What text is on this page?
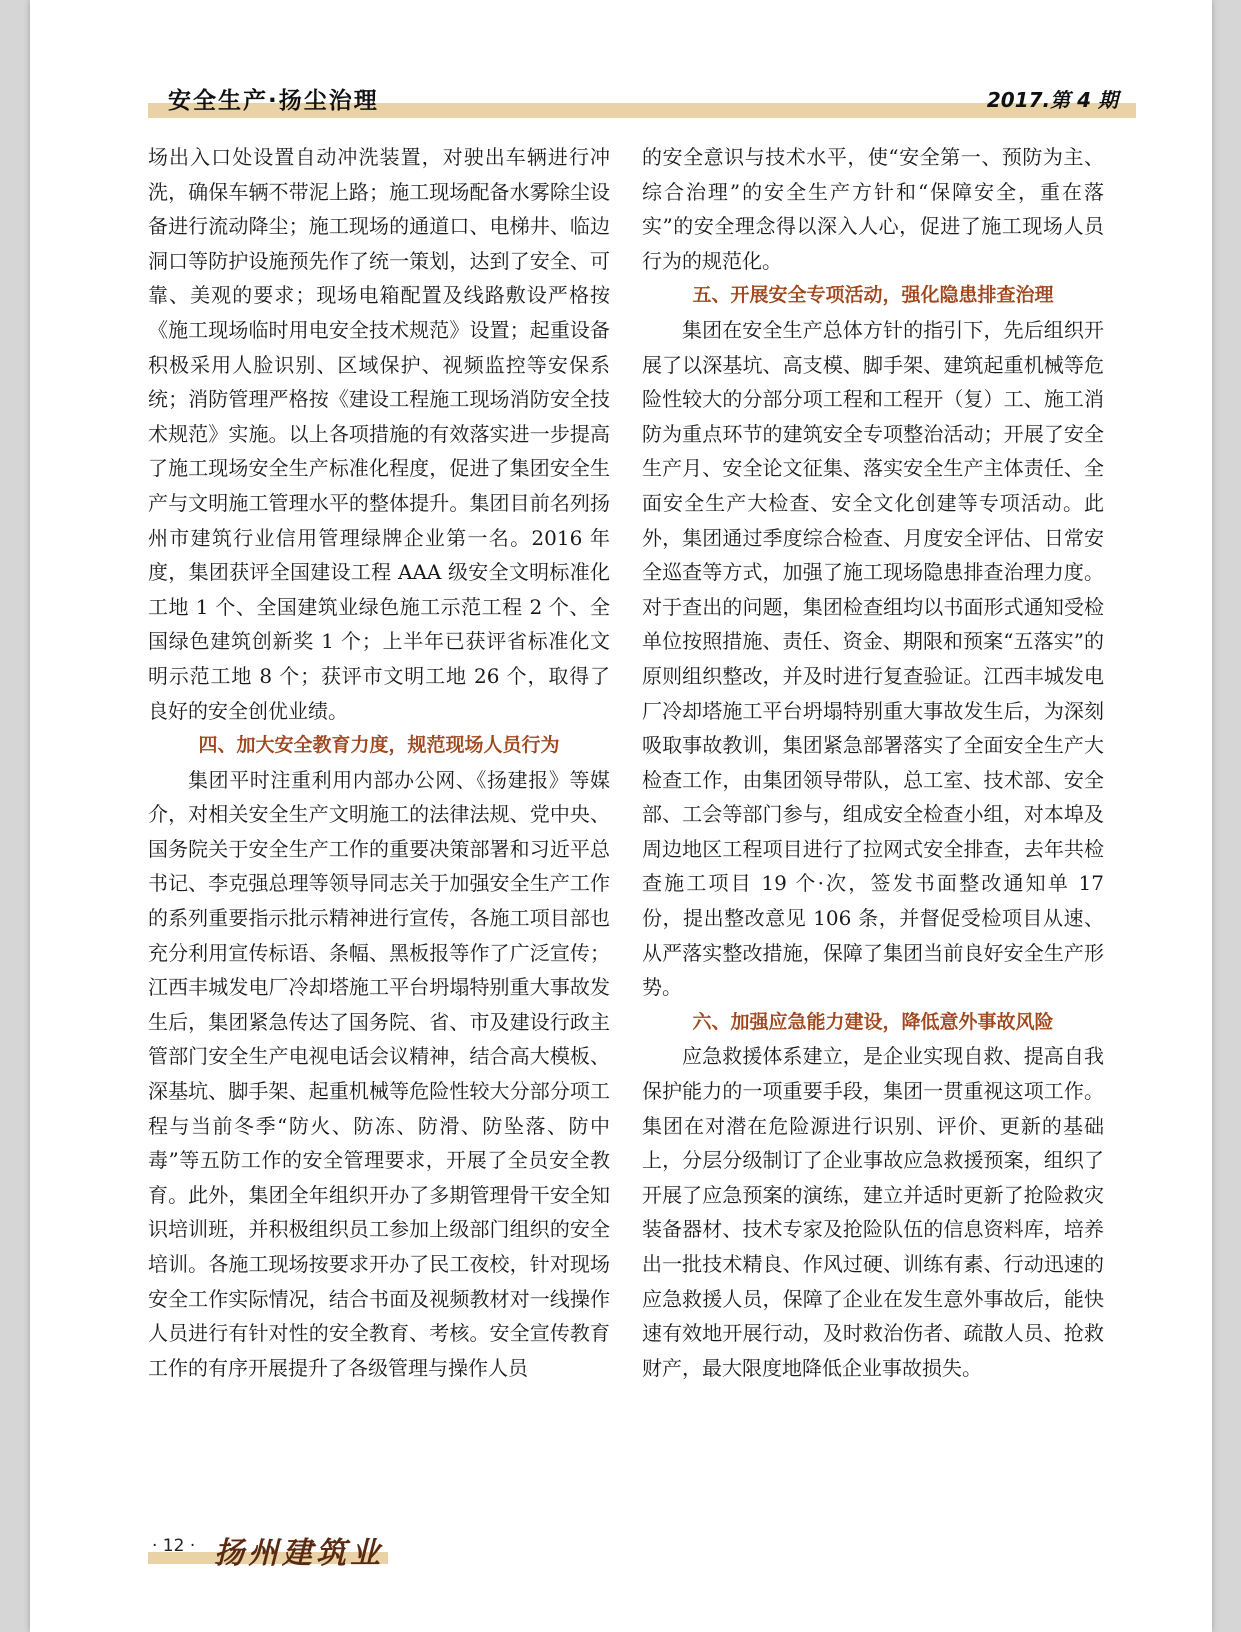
安全生产·扬尘治理	2017.第 4 期

场出入口处设置自动冲洗装置，对驶出车辆进行冲洗，确保车辆不带泥上路；施工现场配备水雾除尘设备进行流动降尘；施工现场的通道口、电梯井、临边洞口等防护设施预先作了统一策划，达到了安全、可靠、美观的要求；现场电箱配置及线路敷设严格按《施工现场临时用电安全技术规范》设置；起重设备积极采用人脸识别、区域保护、视频监控等安保系统；消防管理严格按《建设工程施工现场消防安全技术规范》实施。以上各项措施的有效落实进一步提高了施工现场安全生产标准化程度，促进了集团安全生产与文明施工管理水平的整体提升。集团目前名列扬州市建筑行业信用管理绿牌企业第一名。2016 年度，集团获评全国建设工程 AAA 级安全文明标准化工地 1 个、全国建筑业绿色施工示范工程 2 个、全国绿色建筑创新奖 1 个；上半年已获评省标准化文明示范工地 8 个；获评市文明工地 26 个，取得了良好的安全创优业绩。

四、加大安全教育力度，规范现场人员行为

集团平时注重利用内部办公网、《扬建报》等媒介，对相关安全生产文明施工的法律法规、党中央、国务院关于安全生产工作的重要决策部署和习近平总书记、李克强总理等领导同志关于加强安全生产工作的系列重要指示批示精神进行宣传，各施工项目部也充分利用宣传标语、条幅、黑板报等作了广泛宣传；江西丰城发电厂冷却塔施工平台坍塌特别重大事故发生后，集团紧急传达了国务院、省、市及建设行政主管部门安全生产电视电话会议精神，结合高大模板、深基坑、脚手架、起重机械等危险性较大分部分项工程与当前冬季“防火、防冻、防滑、防坠落、防中毒”等五防工作的安全管理要求，开展了全员安全教育。此外，集团全年组织开办了多期管理骨干安全知识培训班，并积极组织员工参加上级部门组织的安全培训。各施工现场按要求开办了民工夜校，针对现场安全工作实际情况，结合书面及视频教材对一线操作人员进行有针对性的安全教育、考核。安全宣传教育工作的有序开展提升了各级管理与操作人员

的安全意识与技术水平，使“安全第一、预防为主、综合治理”的安全生产方针和“保障安全，重在落实”的安全理念得以深入人心，促进了施工现场人员行为的规范化。

五、开展安全专项活动，强化隐患排查治理

集团在安全生产总体方针的指引下，先后组织开展了以深基坑、高支模、脚手架、建筑起重机械等危险性较大的分部分项工程和工程开（复）工、施工消防为重点环节的建筑安全专项整治活动；开展了安全生产月、安全论文征集、落实安全生产主体责任、全面安全生产大检查、安全文化创建等专项活动。此外，集团通过季度综合检查、月度安全评估、日常安全巡查等方式，加强了施工现场隐患排查治理力度。对于查出的问题，集团检查组均以书面形式通知受检单位按照措施、责任、资金、期限和预案“五落实”的原则组织整改，并及时进行复查验证。江西丰城发电厂冷却塔施工平台坍塌特别重大事故发生后，为深刻吸取事故教训，集团紧急部署落实了全面安全生产大检查工作，由集团领导带队，总工室、技术部、安全部、工会等部门参与，组成安全检查小组，对本埠及周边地区工程项目进行了拉网式安全排查，去年共检查施工项目 19 个·次，签发书面整改通知单 17 份，提出整改意见 106 条，并督促受检项目从速、从严落实整改措施，保障了集团当前良好安全生产形势。

六、加强应急能力建设，降低意外事故风险

应急救援体系建立，是企业实现自救、提高自我保护能力的一项重要手段，集团一贯重视这项工作。集团在对潜在危险源进行识别、评价、更新的基础上，分层分级制订了企业事故应急救援预案，组织了开展了应急预案的演练，建立并适时更新了抢险救灾装备器材、技术专家及抢险队伍的信息资料库，培养出一批技术精良、作风过硬、训练有素、行动迅速的应急救援人员，保障了企业在发生意外事故后，能快速有效地开展行动，及时救治伤者、疏散人员、抢救财产，最大限度地降低企业事故损失。

· 12 · 扬州建筑业
